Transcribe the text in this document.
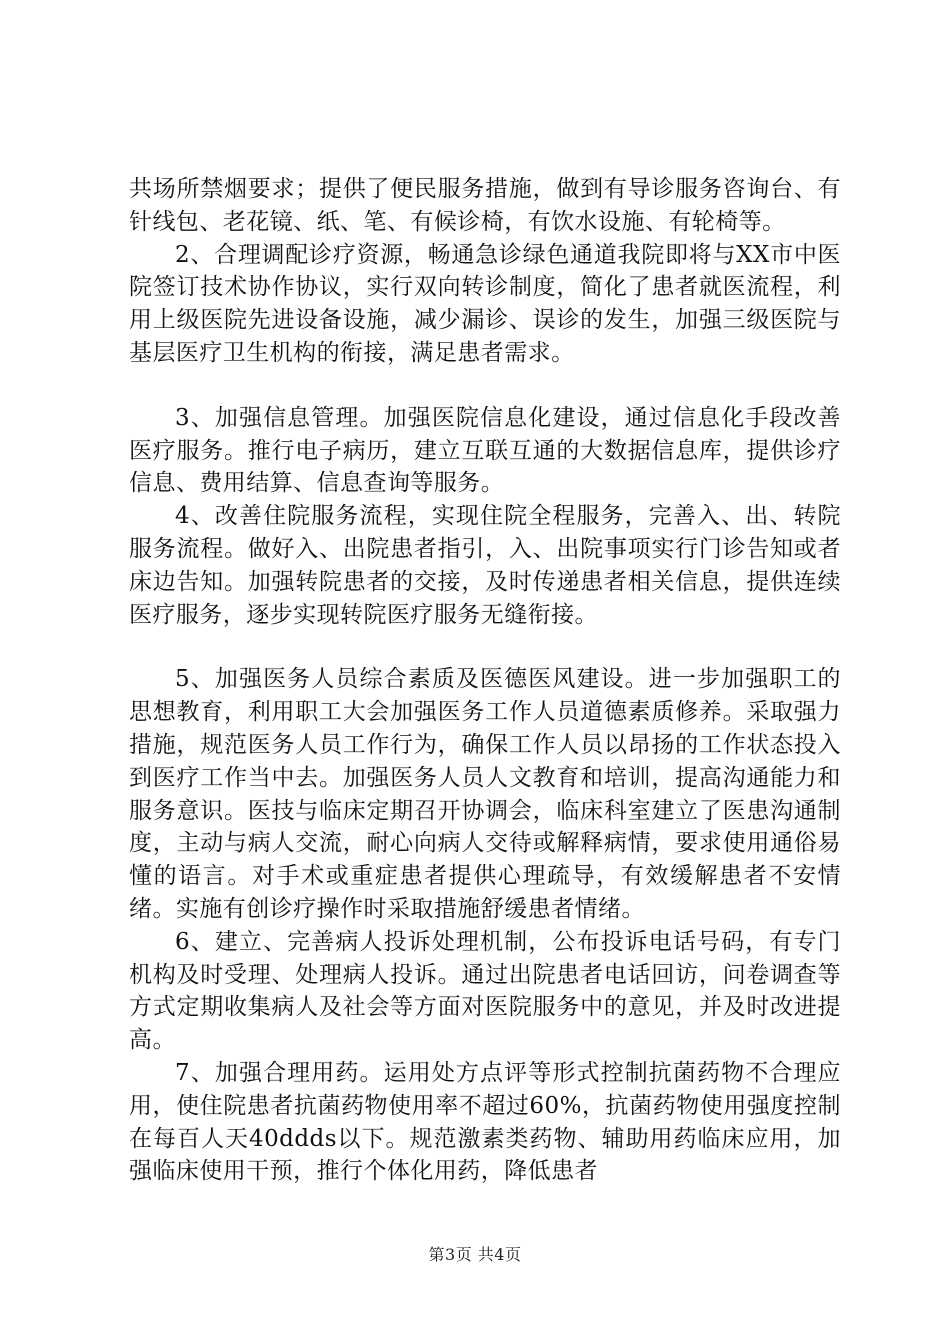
共场所禁烟要求；提供了便民服务措施，做到有导诊服务咨询台、有针线包、老花镜、纸、笔、有候诊椅，有饮水设施、有轮椅等。

2、合理调配诊疗资源，畅通急诊绿色通道我院即将与XX市中医院签订技术协作协议，实行双向转诊制度，简化了患者就医流程，利用上级医院先进设备设施，减少漏诊、误诊的发生，加强三级医院与基层医疗卫生机构的衔接，满足患者需求。

3、加强信息管理。加强医院信息化建设，通过信息化手段改善医疗服务。推行电子病历，建立互联互通的大数据信息库，提供诊疗信息、费用结算、信息查询等服务。

4、改善住院服务流程，实现住院全程服务，完善入、出、转院服务流程。做好入、出院患者指引，入、出院事项实行门诊告知或者床边告知。加强转院患者的交接，及时传递患者相关信息，提供连续医疗服务，逐步实现转院医疗服务无缝衔接。

5、加强医务人员综合素质及医德医风建设。进一步加强职工的思想教育，利用职工大会加强医务工作人员道德素质修养。采取强力措施，规范医务人员工作行为，确保工作人员以昂扬的工作状态投入到医疗工作当中去。加强医务人员人文教育和培训，提高沟通能力和服务意识。医技与临床定期召开协调会，临床科室建立了医患沟通制度，主动与病人交流，耐心向病人交待或解释病情，要求使用通俗易懂的语言。对手术或重症患者提供心理疏导，有效缓解患者不安情绪。实施有创诊疗操作时采取措施舒缓患者情绪。

6、建立、完善病人投诉处理机制，公布投诉电话号码，有专门机构及时受理、处理病人投诉。通过出院患者电话回访，问卷调查等方式定期收集病人及社会等方面对医院服务中的意见，并及时改进提高。

7、加强合理用药。运用处方点评等形式控制抗菌药物不合理应用，使住院患者抗菌药物使用率不超过60%，抗菌药物使用强度控制在每百人天40ddds以下。规范激素类药物、辅助用药临床应用，加强临床使用干预，推行个体化用药，降低患者

第3页 共4页
